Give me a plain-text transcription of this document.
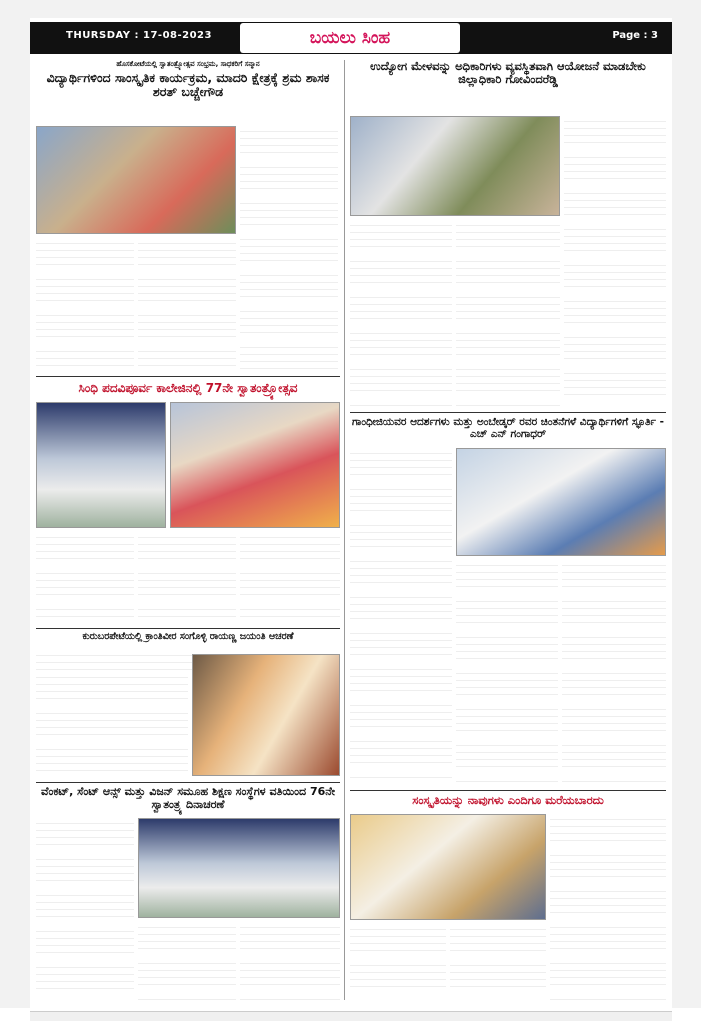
THURSDAY : 17-08-2023	ಬಯಲು ಸಿಂಹ	Page : 3
ಹೊಸಕೋಟೆಯಲ್ಲಿ ಸ್ವಾತಂತ್ರ್ಯೋತ್ಸವ ಸಂಭ್ರಮ, ಸಾಧಕರಿಗೆ ಸನ್ಮಾನ
ವಿದ್ಯಾರ್ಥಿಗಳಿಂದ ಸಾಂಸ್ಕೃತಿಕ ಕಾರ್ಯಕ್ರಮ, ಮಾದರಿ ಕ್ಷೇತ್ರಕ್ಕೆ ಶ್ರಮ ಶಾಸಕ ಶರತ್ ಬಚ್ಚೇಗೌಡ
ಉದ್ಯೋಗ ಮೇಳವನ್ನು ಅಧಿಕಾರಿಗಳು ವ್ಯವಸ್ಥಿತವಾಗಿ ಆಯೋಜನೆ ಮಾಡಬೇಕು ಜಿಲ್ಲಾಧಿಕಾರಿ ಗೋವಿಂದರೆಡ್ಡಿ
ಸಿಂಧಿ ಪದವಿಪೂರ್ವ ಕಾಲೇಜಿನಲ್ಲಿ 77ನೇ ಸ್ವಾತಂತ್ರ್ಯೋತ್ಸವ
ಗಾಂಧೀಜಿಯವರ ಆದರ್ಶಗಳು ಮತ್ತು ಅಂಬೇಡ್ಕರ್ ರವರ ಚಿಂತನೆಗಳೆ ವಿದ್ಯಾರ್ಥಿಗಳಿಗೆ ಸ್ಫೂರ್ತಿ - ಎಚ್ ಎನ್ ಗಂಗಾಧರ್
ಕುರುಬರಪೇಟೆಯಲ್ಲಿ ಕ್ರಾಂತಿವೀರ ಸಂಗೊಳ್ಳಿ ರಾಯಣ್ಣ ಜಯಂತಿ ಆಚರಣೆ
ವೆಂಕಟ್, ಸೆಂಟ್ ಆನ್ಸ್ ಮತ್ತು ವಿಜನ್ ಸಮೂಹ ಶಿಕ್ಷಣ ಸಂಸ್ಥೆಗಳ ವತಿಯಿಂದ 76ನೇ ಸ್ವಾತಂತ್ರ್ಯ ದಿನಾಚರಣೆ	ಸಂಸ್ಕೃತಿಯನ್ನು ನಾವುಗಳು ಎಂದಿಗೂ ಮರೆಯಬಾರದು
